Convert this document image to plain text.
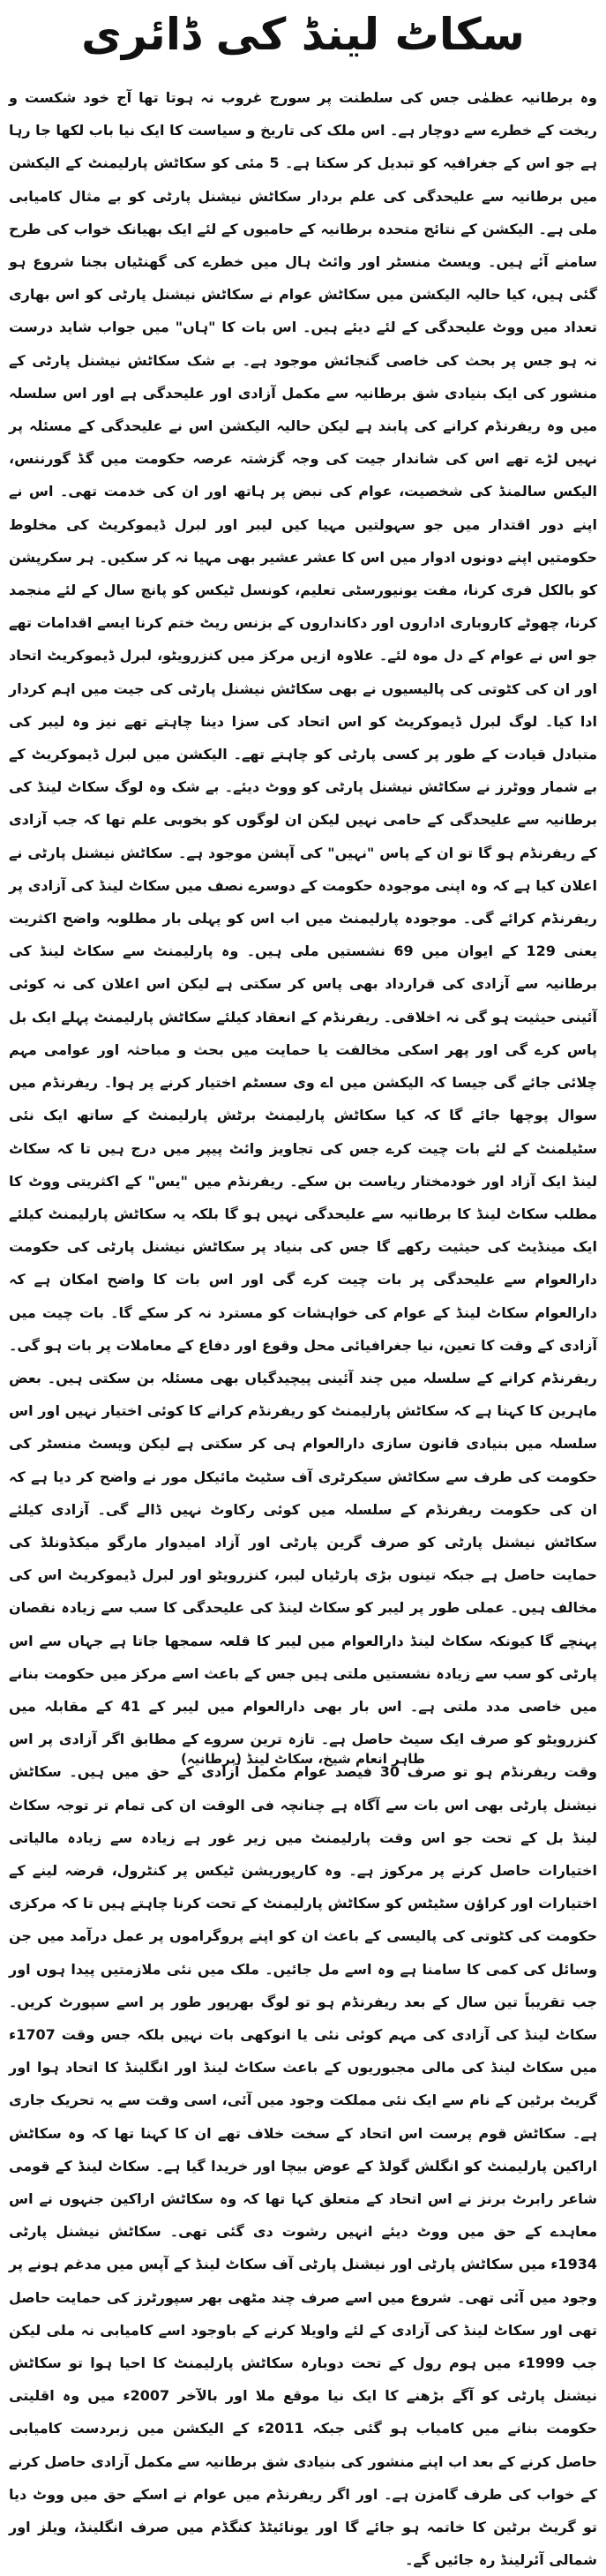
سکاٹ لینڈ کی ڈائری

وہ برطانیہ عظمٰی جس کی سلطنت پر سورج غروب نہ ہوتا تھا آج خود شکست و ریخت کے خطرے سے دوچار ہے۔ اس ملک کی تاریخ و سیاست کا ایک نیا باب لکھا جا رہا ہے جو اس کے جغرافیہ کو تبدیل کر سکتا ہے۔ 5 مئی کو سکاٹش پارلیمنٹ کے الیکشن میں برطانیہ سے علیحدگی کی علم بردار سکاٹش نیشنل پارٹی کو بے مثال کامیابی ملی ہے۔ الیکشن کے نتائج متحدہ برطانیہ کے حامیوں کے لئے ایک بھیانک خواب کی طرح سامنے آئے ہیں۔ ویسٹ منسٹر اور وائٹ ہال میں خطرے کی گھنٹیاں بجنا شروع ہو گئی ہیں، کیا حالیہ الیکشن میں سکاٹش عوام نے سکاٹش نیشنل پارٹی کو اس بھاری تعداد میں ووٹ علیحدگی کے لئے دیئے ہیں۔ اس بات کا "ہاں" میں جواب شاید درست نہ ہو جس پر بحث کی خاصی گنجائش موجود ہے۔ بے شک سکاٹش نیشنل پارٹی کے منشور کی ایک بنیادی شق برطانیہ سے مکمل آزادی اور علیحدگی ہے اور اس سلسلہ میں وہ ریفرنڈم کرانے کی پابند ہے لیکن حالیہ الیکشن اس نے علیحدگی کے مسئلہ پر نہیں لڑے تھے اس کی شاندار جیت کی وجہ گزشتہ عرصہ حکومت میں گڈ گورننس، الیکس سالمنڈ کی شخصیت، عوام کی نبض پر ہاتھ اور ان کی خدمت تھی۔ اس نے اپنے دور اقتدار میں جو سہولتیں مہیا کیں لیبر اور لبرل ڈیموکریٹ کی مخلوط حکومتیں اپنے دونوں ادوار میں اس کا عشر عشیر بھی مہیا نہ کر سکیں۔ ہر سکرپشن کو بالکل فری کرنا، مفت یونیورسٹی تعلیم، کونسل ٹیکس کو پانچ سال کے لئے منجمد کرنا، چھوٹے کاروباری اداروں اور دکانداروں کے بزنس ریٹ ختم کرنا ایسے اقدامات تھے جو اس نے عوام کے دل موہ لئے۔ علاوہ ازیں مرکز میں کنزرویٹو، لبرل ڈیموکریٹ اتحاد اور ان کی کٹوتی کی پالیسیوں نے بھی سکاٹش نیشنل پارٹی کی جیت میں اہم کردار ادا کیا۔ لوگ لبرل ڈیموکریٹ کو اس اتحاد کی سزا دینا چاہتے تھے نیز وہ لیبر کی متبادل قیادت کے طور پر کسی پارٹی کو چاہتے تھے۔ الیکشن میں لبرل ڈیموکریٹ کے بے شمار ووٹرز نے سکاٹش نیشنل پارٹی کو ووٹ دیئے۔ بے شک وہ لوگ سکاٹ لینڈ کی برطانیہ سے علیحدگی کے حامی نہیں لیکن ان لوگوں کو بخوبی علم تھا کہ جب آزادی کے ریفرنڈم ہو گا تو ان کے پاس "نہیں" کی آپشن موجود ہے۔ سکاٹش نیشنل پارٹی نے اعلان کیا ہے کہ وہ اپنی موجودہ حکومت کے دوسرے نصف میں سکاٹ لینڈ کی آزادی پر ریفرنڈم کرائے گی۔ موجودہ پارلیمنٹ میں اب اس کو پہلی بار مطلوبہ واضح اکثریت یعنی 129 کے ایوان میں 69 نشستیں ملی ہیں۔ وہ پارلیمنٹ سے سکاٹ لینڈ کی برطانیہ سے آزادی کی قرارداد بھی پاس کر سکتی ہے لیکن اس اعلان کی نہ کوئی آئینی حیثیت ہو گی نہ اخلاقی۔ ریفرنڈم کے انعقاد کیلئے سکاٹش پارلیمنٹ پہلے ایک بل پاس کرے گی اور پھر اسکی مخالفت یا حمایت میں بحث و مباحثہ اور عوامی مہم چلائی جائے گی جیسا کہ الیکشن میں اے وی سسٹم اختیار کرنے پر ہوا۔ ریفرنڈم میں سوال پوچھا جائے گا کہ کیا سکاٹش پارلیمنٹ برٹش پارلیمنٹ کے ساتھ ایک نئی سٹیلمنٹ کے لئے بات چیت کرے جس کی تجاویز وائٹ پیپر میں درج ہیں تا کہ سکاٹ لینڈ ایک آزاد اور خودمختار ریاست بن سکے۔ ریفرنڈم میں "یس" کے اکثریتی ووٹ کا مطلب سکاٹ لینڈ کا برطانیہ سے علیحدگی نہیں ہو گا بلکہ یہ سکاٹش پارلیمنٹ کیلئے ایک مینڈیٹ کی حیثیت رکھے گا جس کی بنیاد پر سکاٹش نیشنل پارٹی کی حکومت دارالعوام سے علیحدگی پر بات چیت کرے گی اور اس بات کا واضح امکان ہے کہ دارالعوام سکاٹ لینڈ کے عوام کی خواہشات کو مسترد نہ کر سکے گا۔ بات چیت میں آزادی کے وقت کا تعین، نیا جغرافیائی محل وقوع اور دفاع کے معاملات پر بات ہو گی۔ ریفرنڈم کرانے کے سلسلہ میں چند آئینی پیچیدگیاں بھی مسئلہ بن سکتی ہیں۔ بعض ماہرین کا کہنا ہے کہ سکاٹش پارلیمنٹ کو ریفرنڈم کرانے کا کوئی اختیار نہیں اور اس سلسلہ میں بنیادی قانون سازی دارالعوام ہی کر سکتی ہے لیکن ویسٹ منسٹر کی حکومت کی طرف سے سکاٹش سیکرٹری آف سٹیٹ مائیکل مور نے واضح کر دیا ہے کہ ان کی حکومت ریفرنڈم کے سلسلہ میں کوئی رکاوٹ نہیں ڈالے گی۔ آزادی کیلئے سکاٹش نیشنل پارٹی کو صرف گرین پارٹی اور آزاد امیدوار مارگو میکڈونلڈ کی حمایت حاصل ہے جبکہ تینوں بڑی پارٹیاں لیبر، کنزرویٹو اور لبرل ڈیموکریٹ اس کی مخالف ہیں۔ عملی طور پر لیبر کو سکاٹ لینڈ کی علیحدگی کا سب سے زیادہ نقصان پہنچے گا کیونکہ سکاٹ لینڈ دارالعوام میں لیبر کا قلعہ سمجھا جاتا ہے جہاں سے اس پارٹی کو سب سے زیادہ نشستیں ملتی ہیں جس کے باعث اسے مرکز میں حکومت بنانے میں خاصی مدد ملتی ہے۔ اس بار بھی دارالعوام میں لیبر کے 41 کے مقابلہ میں کنزرویٹو کو صرف ایک سیٹ حاصل ہے۔ تازہ ترین سروے کے مطابق اگر آزادی پر اس وقت ریفرنڈم ہو تو صرف 30 فیصد عوام مکمل آزادی کے حق میں ہیں۔ سکاٹش نیشنل پارٹی بھی اس بات سے آگاہ ہے چنانچہ فی الوقت ان کی تمام تر توجہ سکاٹ لینڈ بل کے تحت جو اس وقت پارلیمنٹ میں زیر غور ہے زیادہ سے زیادہ مالیاتی اختیارات حاصل کرنے پر مرکوز ہے۔ وہ کارپوریشن ٹیکس پر کنٹرول، قرضہ لینے کے اختیارات اور کراؤن سٹیٹس کو سکاٹش پارلیمنٹ کے تحت کرنا چاہتے ہیں تا کہ مرکزی حکومت کی کٹوتی کی پالیسی کے باعث ان کو اپنے پروگراموں پر عمل درآمد میں جن وسائل کی کمی کا سامنا ہے وہ اسے مل جائیں۔ ملک میں نئی ملازمتیں پیدا ہوں اور جب تقریباً تین سال کے بعد ریفرنڈم ہو تو لوگ بھرپور طور پر اسے سپورٹ کریں۔ سکاٹ لینڈ کی آزادی کی مہم کوئی نئی یا انوکھی بات نہیں بلکہ جس وقت 1707ء میں سکاٹ لینڈ کی مالی مجبوریوں کے باعث سکاٹ لینڈ اور انگلینڈ کا اتحاد ہوا اور گریٹ برٹین کے نام سے ایک نئی مملکت وجود میں آئی، اسی وقت سے یہ تحریک جاری ہے۔ سکاٹش قوم پرست اس اتحاد کے سخت خلاف تھے ان کا کہنا تھا کہ وہ سکاٹش اراکین پارلیمنٹ کو انگلش گولڈ کے عوض بیچا اور خریدا گیا ہے۔ سکاٹ لینڈ کے قومی شاعر رابرٹ برنز نے اس اتحاد کے متعلق کہا تھا کہ وہ سکاٹش اراکین جنہوں نے اس معاہدے کے حق میں ووٹ دیئے انہیں رشوت دی گئی تھی۔ سکاٹش نیشنل پارٹی 1934ء میں سکاٹش پارٹی اور نیشنل پارٹی آف سکاٹ لینڈ کے آپس میں مدغم ہونے پر وجود میں آئی تھی۔ شروع میں اسے صرف چند مٹھی بھر سپورٹرز کی حمایت حاصل تھی اور سکاٹ لینڈ کی آزادی کے لئے واویلا کرنے کے باوجود اسے کامیابی نہ ملی لیکن جب 1999ء میں ہوم رول کے تحت دوبارہ سکاٹش پارلیمنٹ کا احیا ہوا تو سکاٹش نیشنل پارٹی کو آگے بڑھنے کا ایک نیا موقع ملا اور بالآخر 2007ء میں وہ اقلیتی حکومت بنانے میں کامیاب ہو گئی جبکہ 2011ء کے الیکشن میں زبردست کامیابی حاصل کرنے کے بعد اب اپنے منشور کی بنیادی شق برطانیہ سے مکمل آزادی حاصل کرنے کے خواب کی طرف گامزن ہے۔ اور اگر ریفرنڈم میں عوام نے اسکے حق میں ووٹ دیا تو گریٹ برٹین کا خاتمہ ہو جائے گا اور یونائیٹڈ کنگڈم میں صرف انگلینڈ، ویلز اور شمالی آئرلینڈ رہ جائیں گے۔

طاہر انعام شیخ، سکاٹ لینڈ (برطانیہ)
